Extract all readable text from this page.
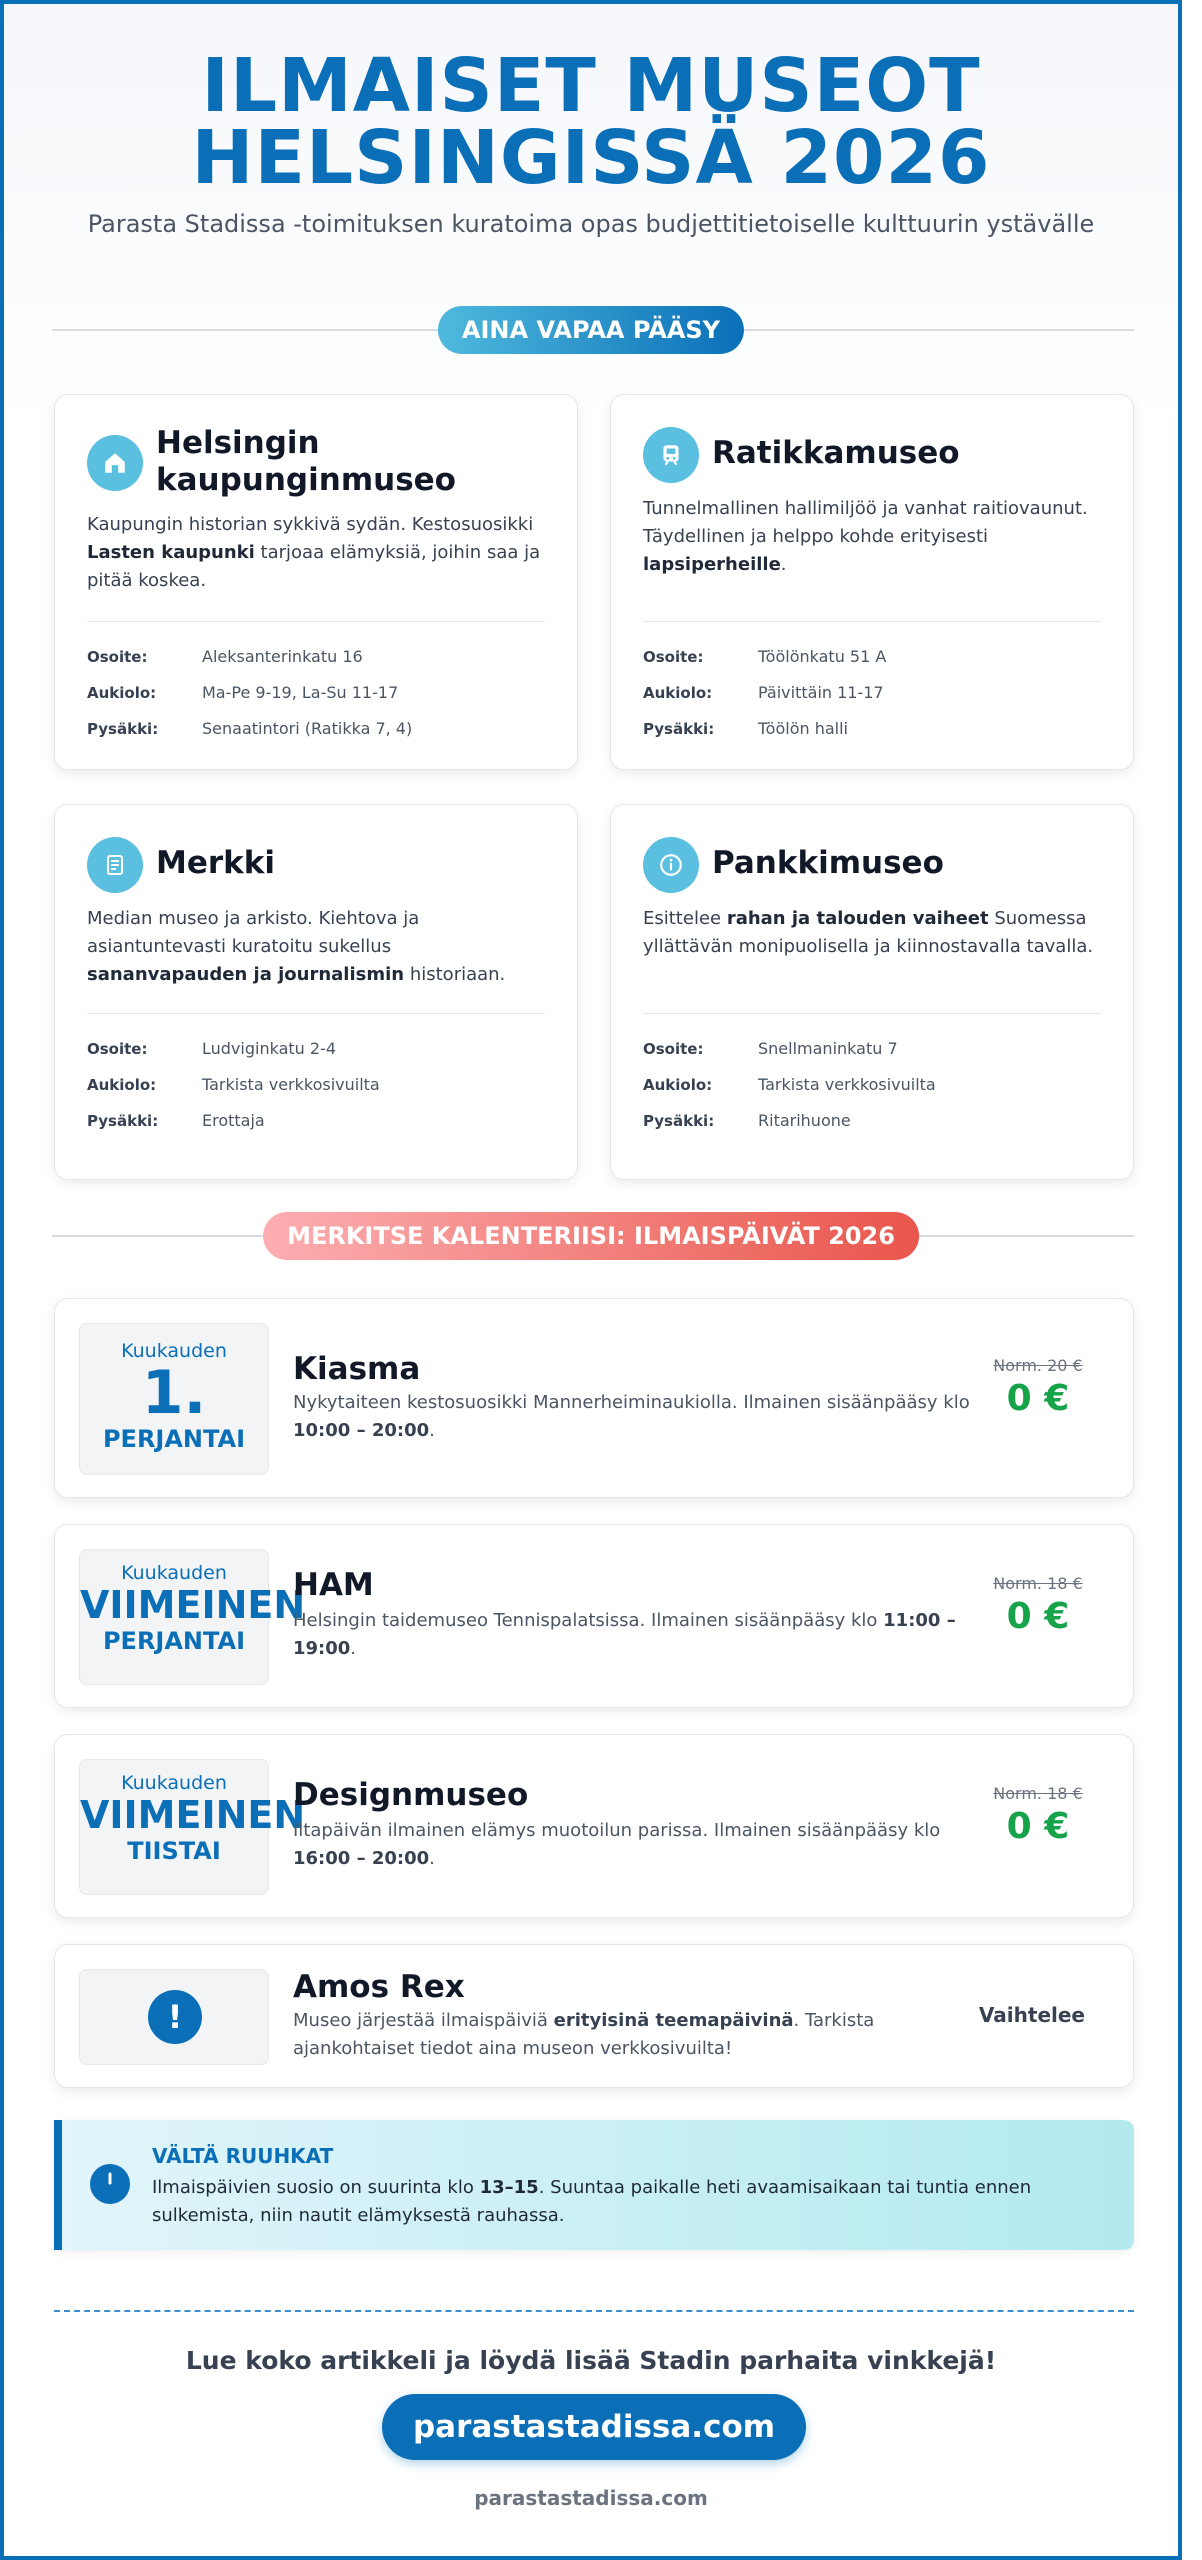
ILMAISET MUSEOT
HELSINGISSÄ 2026
Parasta Stadissa -toimituksen kuratoima opas budjettitietoiselle kulttuurin ystävälle
AINA VAPAA PÄÄSY
Helsingin kaupunginmuseo
Kaupungin historian sykkivä sydän. Kestosuosikki Lasten kaupunki tarjoaa elämyksiä, joihin saa ja pitää koskea.
Osoite:	Aleksanterinkatu 16
Aukiolo:	Ma-Pe 9-19, La-Su 11-17
Pysäkki:	Senaatintori (Ratikka 7, 4)
Ratikkamuseo
Tunnelmallinen hallimiljöö ja vanhat raitiovaunut. Täydellinen ja helppo kohde erityisesti lapsiperheille.
Osoite:	Töölönkatu 51 A
Aukiolo:	Päivittäin 11-17
Pysäkki:	Töölön halli
Merkki
Median museo ja arkisto. Kiehtova ja asiantuntevasti kuratoitu sukellus sananvapauden ja journalismin historiaan.
Osoite:	Ludviginkatu 2-4
Aukiolo:	Tarkista verkkosivuilta
Pysäkki:	Erottaja
Pankkimuseo
Esittelee rahan ja talouden vaiheet Suomessa yllättävän monipuolisella ja kiinnostavalla tavalla.
Osoite:	Snellmaninkatu 7
Aukiolo:	Tarkista verkkosivuilta
Pysäkki:	Ritarihuone
MERKITSE KALENTERIISI: ILMAISPÄIVÄT 2026
Kuukauden
1.
PERJANTAI
Kiasma
Nykytaiteen kestosuosikki Mannerheiminaukiolla. Ilmainen sisäänpääsy klo 10:00 – 20:00.
Norm. 20 €
0 €
Kuukauden
VIIMEINEN
PERJANTAI
HAM
Helsingin taidemuseo Tennispalatsissa. Ilmainen sisäänpääsy klo 11:00 – 19:00.
Norm. 18 €
0 €
Kuukauden
VIIMEINEN
TIISTAI
Designmuseo
Iltapäivän ilmainen elämys muotoilun parissa. Ilmainen sisäänpääsy klo 16:00 – 20:00.
Norm. 18 €
0 €
!
Amos Rex
Museo järjestää ilmaispäiviä erityisinä teemapäivinä. Tarkista ajankohtaiset tiedot aina museon verkkosivuilta!
Vaihtelee
VÄLTÄ RUUHKAT
Ilmaispäivien suosio on suurinta klo 13–15. Suuntaa paikalle heti avaamisaikaan tai tuntia ennen sulkemista, niin nautit elämyksestä rauhassa.
Lue koko artikkeli ja löydä lisää Stadin parhaita vinkkejä!
parastastadissa.com
parastastadissa.com
